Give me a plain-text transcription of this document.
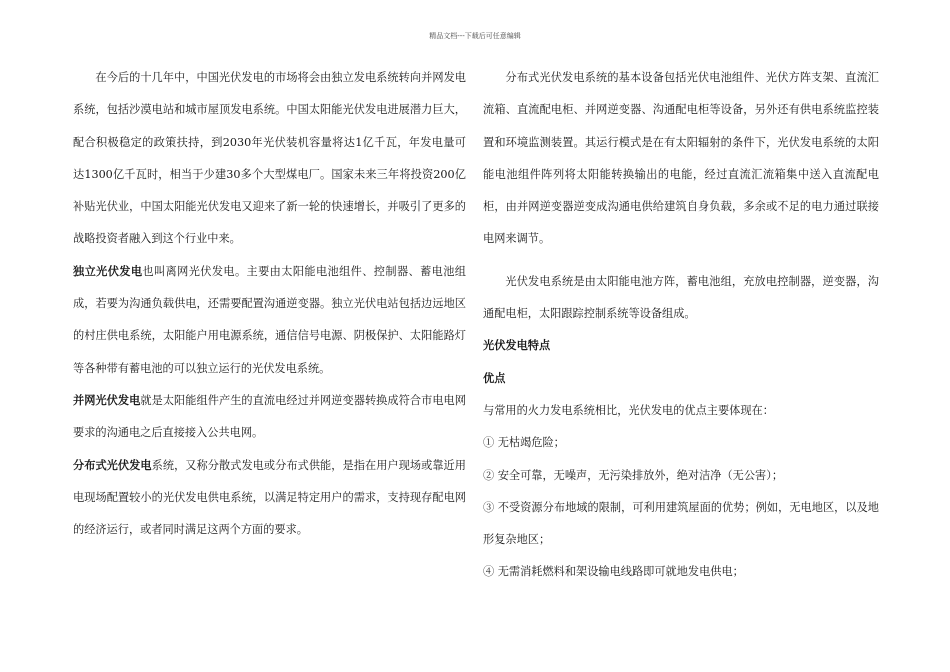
精品文档---下载后可任意编辑

在今后的十几年中，中国光伏发电的市场将会由独立发电系统转向并网发电系统，包括沙漠电站和城市屋顶发电系统。中国太阳能光伏发电进展潜力巨大，配合积极稳定的政策扶持，到2030年光伏装机容量将达1亿千瓦，年发电量可达1300亿千瓦时，相当于少建30多个大型煤电厂。国家未来三年将投资200亿补贴光伏业，中国太阳能光伏发电又迎来了新一轮的快速增长，并吸引了更多的战略投资者融入到这个行业中来。

独立光伏发电也叫离网光伏发电。主要由太阳能电池组件、控制器、蓄电池组成，若要为沟通负载供电，还需要配置沟通逆变器。独立光伏电站包括边远地区的村庄供电系统，太阳能户用电源系统，通信信号电源、阴极保护、太阳能路灯等各种带有蓄电池的可以独立运行的光伏发电系统。

并网光伏发电就是太阳能组件产生的直流电经过并网逆变器转换成符合市电电网要求的沟通电之后直接接入公共电网。

分布式光伏发电系统，又称分散式发电或分布式供能，是指在用户现场或靠近用电现场配置较小的光伏发电供电系统，以满足特定用户的需求，支持现存配电网的经济运行，或者同时满足这两个方面的要求。

分布式光伏发电系统的基本设备包括光伏电池组件、光伏方阵支架、直流汇流箱、直流配电柜、并网逆变器、沟通配电柜等设备，另外还有供电系统监控装置和环境监测装置。其运行模式是在有太阳辐射的条件下，光伏发电系统的太阳能电池组件阵列将太阳能转换输出的电能，经过直流汇流箱集中送入直流配电柜，由并网逆变器逆变成沟通电供给建筑自身负载，多余或不足的电力通过联接电网来调节。

光伏发电系统是由太阳能电池方阵，蓄电池组，充放电控制器，逆变器，沟通配电柜，太阳跟踪控制系统等设备组成。

光伏发电特点

优点

与常用的火力发电系统相比，光伏发电的优点主要体现在：

① 无枯竭危险；

② 安全可靠，无噪声，无污染排放外，绝对洁净（无公害）；

③ 不受资源分布地域的限制，可利用建筑屋面的优势；例如，无电地区，以及地形复杂地区；

④ 无需消耗燃料和架设输电线路即可就地发电供电；
